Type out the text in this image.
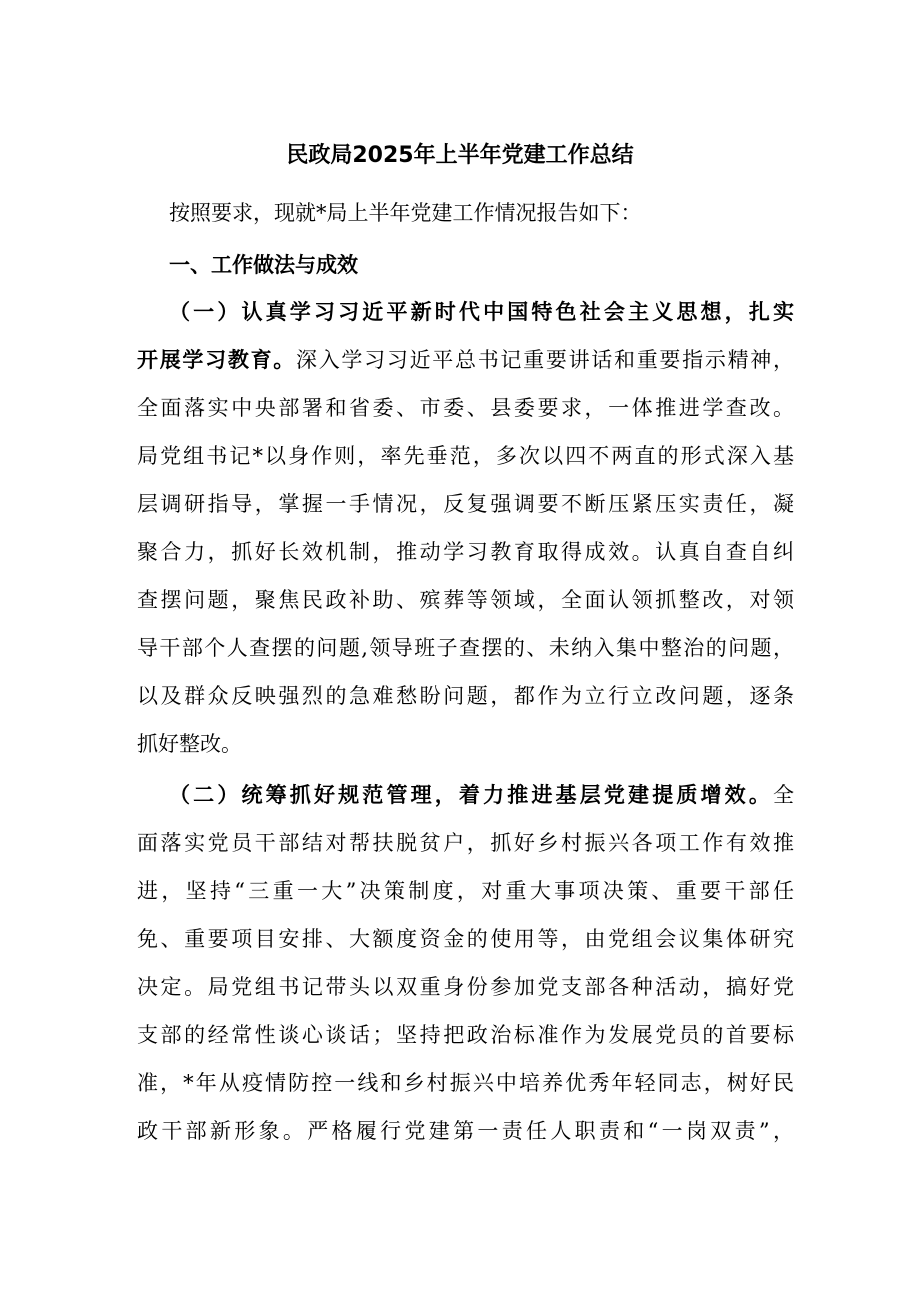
民政局2025年上半年党建工作总结
按照要求，现就*局上半年党建工作情况报告如下：
一、工作做法与成效
（一）认真学习习近平新时代中国特色社会主义思想，扎实
开展学习教育。深入学习习近平总书记重要讲话和重要指示精神，
全面落实中央部署和省委、市委、县委要求，一体推进学查改。
局党组书记*以身作则，率先垂范，多次以四不两直的形式深入基
层调研指导，掌握一手情况，反复强调要不断压紧压实责任，凝
聚合力，抓好长效机制，推动学习教育取得成效。认真自查自纠
查摆问题，聚焦民政补助、殡葬等领域，全面认领抓整改，对领
导干部个人查摆的问题,领导班子查摆的、未纳入集中整治的问题，
以及群众反映强烈的急难愁盼问题，都作为立行立改问题，逐条
抓好整改。
（二）统筹抓好规范管理，着力推进基层党建提质增效。全
面落实党员干部结对帮扶脱贫户，抓好乡村振兴各项工作有效推
进，坚持“三重一大”决策制度，对重大事项决策、重要干部任
免、重要项目安排、大额度资金的使用等，由党组会议集体研究
决定。局党组书记带头以双重身份参加党支部各种活动，搞好党
支部的经常性谈心谈话；坚持把政治标准作为发展党员的首要标
准，*年从疫情防控一线和乡村振兴中培养优秀年轻同志，树好民
政干部新形象。严格履行党建第一责任人职责和“一岗双责”，
